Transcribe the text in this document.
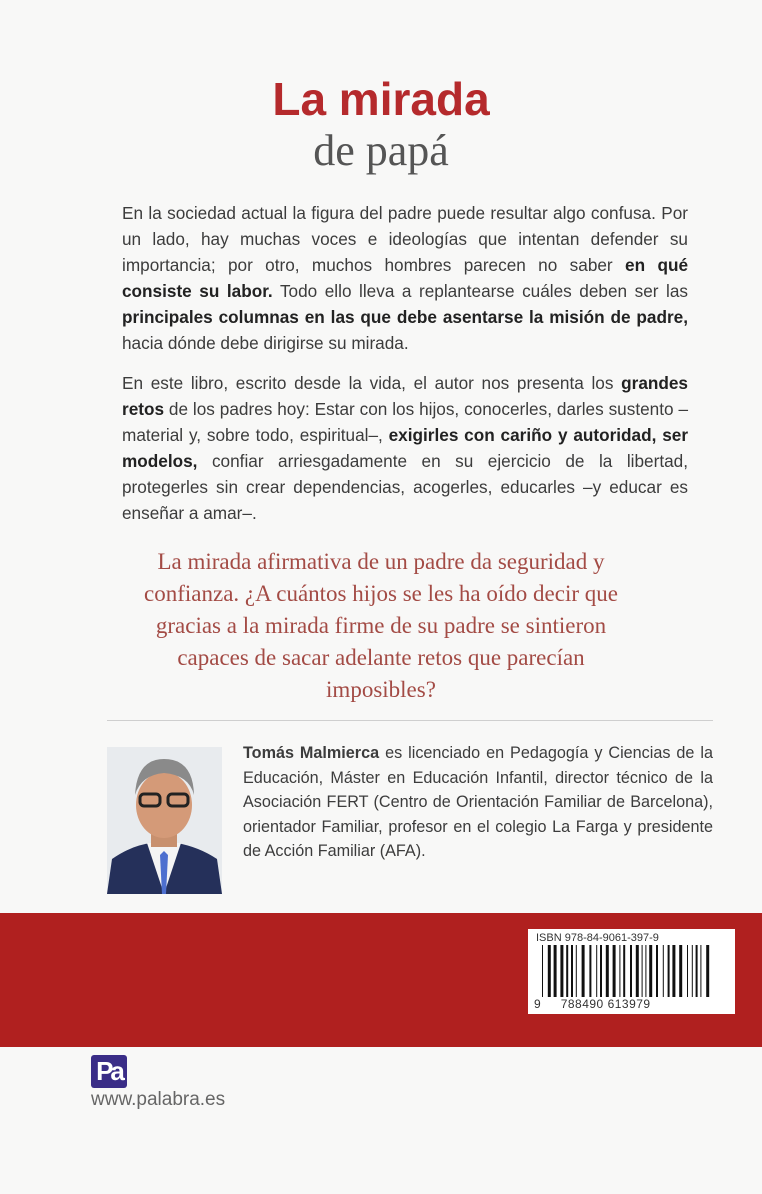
La mirada
de papá
En la sociedad actual la figura del padre puede resultar algo confusa. Por un lado, hay muchas voces e ideologías que intentan defender su importancia; por otro, muchos hombres parecen no saber en qué consiste su labor. Todo ello lleva a replantearse cuáles deben ser las principales columnas en las que debe asentarse la misión de padre, hacia dónde debe dirigirse su mirada.
En este libro, escrito desde la vida, el autor nos presenta los grandes retos de los padres hoy: Estar con los hijos, conocerles, darles sustento –material y, sobre todo, espiritual–, exigirles con cariño y autoridad, ser modelos, confiar arriesgadamente en su ejercicio de la libertad, protegerles sin crear dependencias, acogerles, educarles –y educar es enseñar a amar–.
La mirada afirmativa de un padre da seguridad y confianza. ¿A cuántos hijos se les ha oído decir que gracias a la mirada firme de su padre se sintieron capaces de sacar adelante retos que parecían imposibles?
Tomás Malmierca es licenciado en Pedagogía y Ciencias de la Educación, Máster en Educación Infantil, director técnico de la Asociación FERT (Centro de Orientación Familiar de Barcelona), orientador Familiar, profesor en el colegio La Farga y presidente de Acción Familiar (AFA).
ISBN 978-84-9061-397-9
9 788490 613979
Pa
www.palabra.es
